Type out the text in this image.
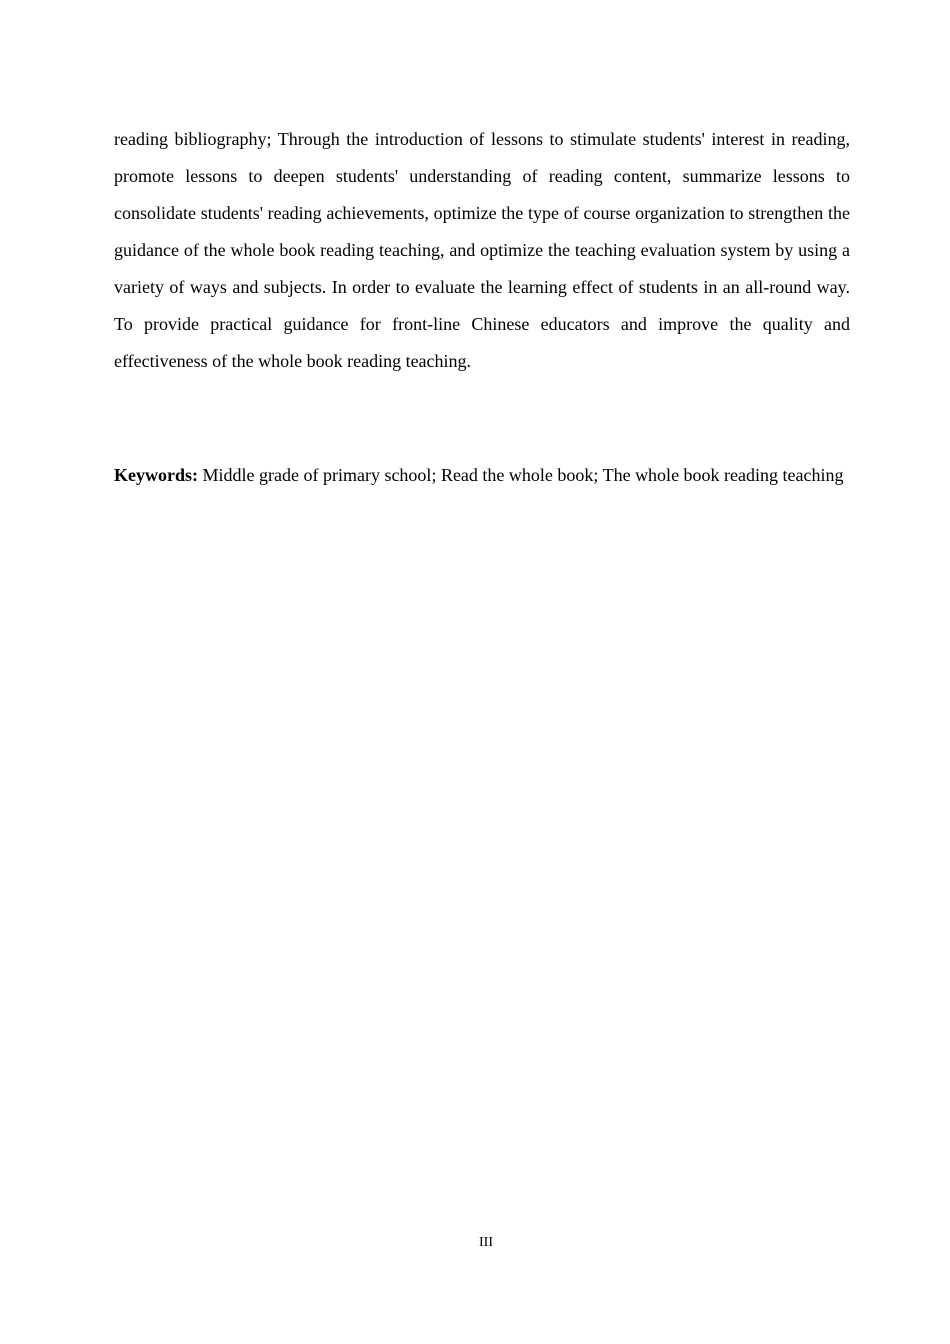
reading bibliography; Through the introduction of lessons to stimulate students' interest in reading, promote lessons to deepen students' understanding of reading content, summarize lessons to consolidate students' reading achievements, optimize the type of course organization to strengthen the guidance of the whole book reading teaching, and optimize the teaching evaluation system by using a variety of ways and subjects. In order to evaluate the learning effect of students in an all-round way. To provide practical guidance for front-line Chinese educators and improve the quality and effectiveness of the whole book reading teaching.

Keywords: Middle grade of primary school; Read the whole book; The whole book reading teaching

III
